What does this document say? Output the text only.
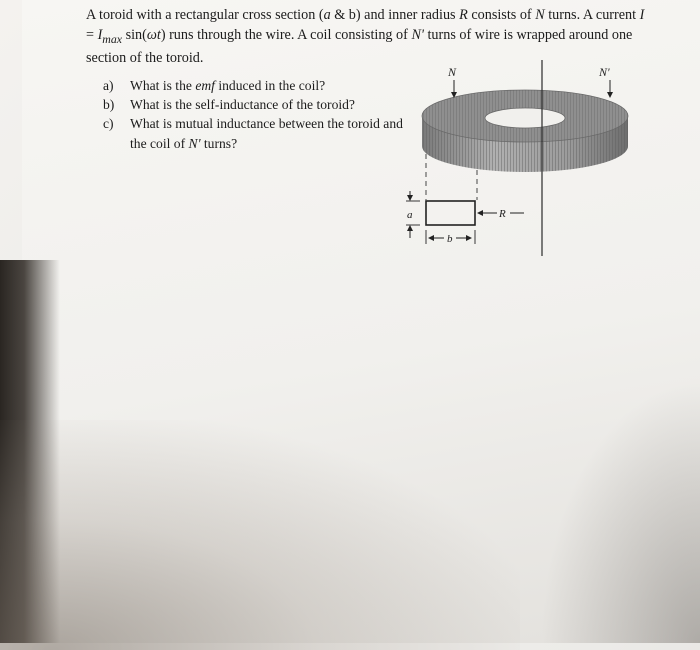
A toroid with a rectangular cross section (a & b) and inner radius R consists of N turns. A current $I = I_{max}$ sin(ωt) runs through the wire. A coil consisting of N' turns of wire is wrapped around one section of the toroid.
a)	What is the emf induced in the coil?
b)	What is the self-inductance of the toroid?
c)	What is mutual inductance between the toroid and the coil of N' turns?
N	N'
a
b
R
